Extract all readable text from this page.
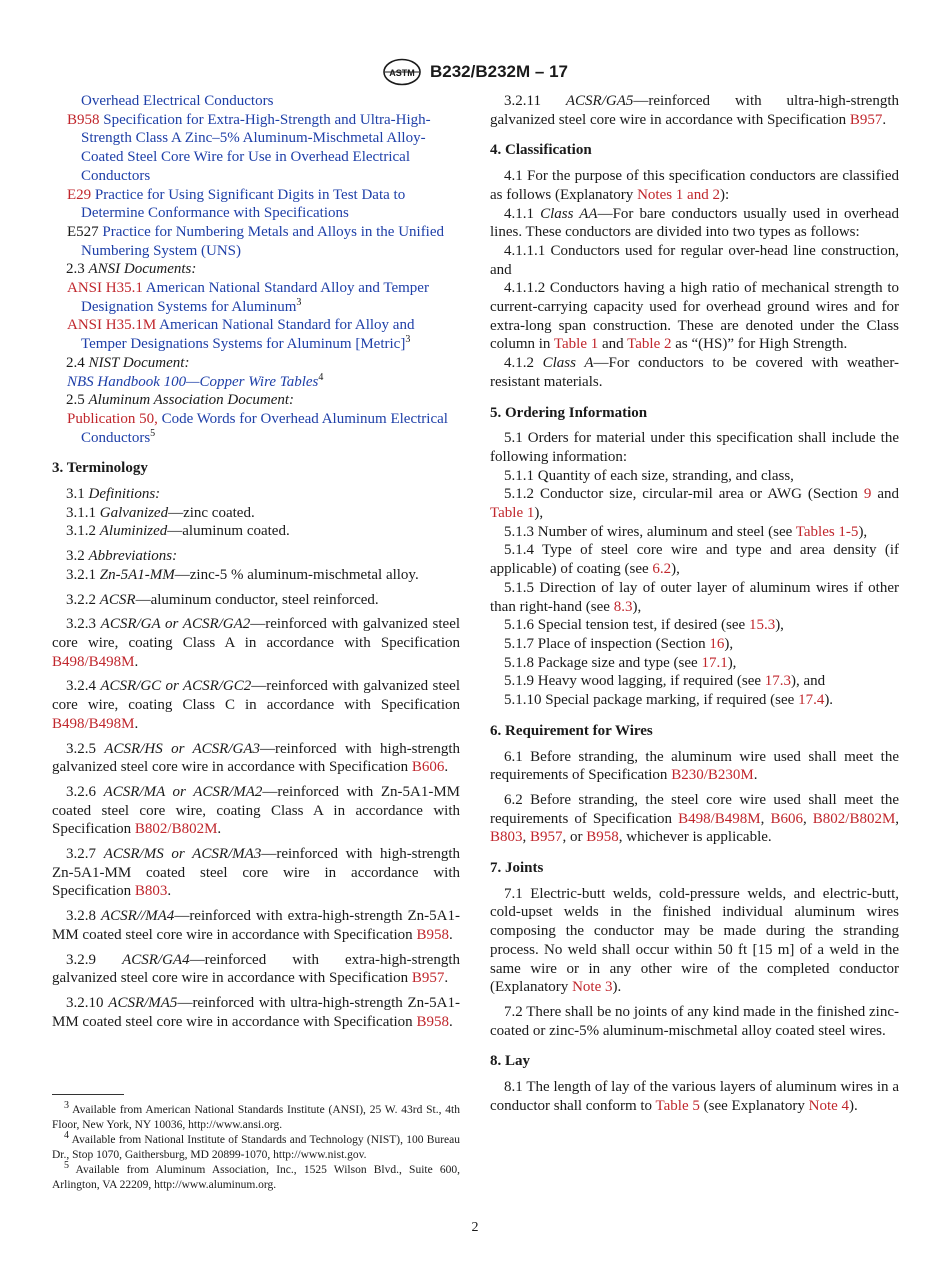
ASTM B232/B232M – 17

Overhead Electrical Conductors

B958 Specification for Extra-High-Strength and Ultra-High-Strength Class A Zinc–5% Aluminum-Mischmetal Alloy-Coated Steel Core Wire for Use in Overhead Electrical Conductors

E29 Practice for Using Significant Digits in Test Data to Determine Conformance with Specifications

E527 Practice for Numbering Metals and Alloys in the Unified Numbering System (UNS)

2.3 ANSI Documents:

ANSI H35.1 American National Standard Alloy and Temper Designation Systems for Aluminum$^3$

ANSI H35.1M American National Standard for Alloy and Temper Designations Systems for Aluminum [Metric]$^3$

2.4 NIST Document:

NBS Handbook 100—Copper Wire Tables$^4$

2.5 Aluminum Association Document:

Publication 50, Code Words for Overhead Aluminum Electrical Conductors$^5$

3. Terminology

3.1 Definitions:

3.1.1 Galvanized—zinc coated.

3.1.2 Aluminized—aluminum coated.

3.2 Abbreviations:

3.2.1 Zn-5A1-MM—zinc-5 % aluminum-mischmetal alloy.

3.2.2 ACSR—aluminum conductor, steel reinforced.

3.2.3 ACSR/GA or ACSR/GA2—reinforced with galvanized steel core wire, coating Class A in accordance with Specification B498/B498M.

3.2.4 ACSR/GC or ACSR/GC2—reinforced with galvanized steel core wire, coating Class C in accordance with Specification B498/B498M.

3.2.5 ACSR/HS or ACSR/GA3—reinforced with high-strength galvanized steel core wire in accordance with Specification B606.

3.2.6 ACSR/MA or ACSR/MA2—reinforced with Zn-5A1-MM coated steel core wire, coating Class A in accordance with Specification B802/B802M.

3.2.7 ACSR/MS or ACSR/MA3—reinforced with high-strength Zn-5A1-MM coated steel core wire in accordance with Specification B803.

3.2.8 ACSR//MA4—reinforced with extra-high-strength Zn-5A1-MM coated steel core wire in accordance with Specification B958.

3.2.9 ACSR/GA4—reinforced with extra-high-strength galvanized steel core wire in accordance with Specification B957.

3.2.10 ACSR/MA5—reinforced with ultra-high-strength Zn-5A1-MM coated steel core wire in accordance with Specification B958.

3 Available from American National Standards Institute (ANSI), 25 W. 43rd St., 4th Floor, New York, NY 10036, http://www.ansi.org.

4 Available from National Institute of Standards and Technology (NIST), 100 Bureau Dr., Stop 1070, Gaithersburg, MD 20899-1070, http://www.nist.gov.

5 Available from Aluminum Association, Inc., 1525 Wilson Blvd., Suite 600, Arlington, VA 22209, http://www.aluminum.org.

3.2.11 ACSR/GA5—reinforced with ultra-high-strength galvanized steel core wire in accordance with Specification B957.

4. Classification

4.1 For the purpose of this specification conductors are classified as follows (Explanatory Notes 1 and 2):

4.1.1 Class AA—For bare conductors usually used in overhead lines. These conductors are divided into two types as follows:

4.1.1.1 Conductors used for regular over-head line construction, and

4.1.1.2 Conductors having a high ratio of mechanical strength to current-carrying capacity used for overhead ground wires and for extra-long span construction. These are denoted under the Class column in Table 1 and Table 2 as “(HS)” for High Strength.

4.1.2 Class A—For conductors to be covered with weather-resistant materials.

5. Ordering Information

5.1 Orders for material under this specification shall include the following information:

5.1.1 Quantity of each size, stranding, and class,

5.1.2 Conductor size, circular-mil area or AWG (Section 9 and Table 1),

5.1.3 Number of wires, aluminum and steel (see Tables 1-5),

5.1.4 Type of steel core wire and type and area density (if applicable) of coating (see 6.2),

5.1.5 Direction of lay of outer layer of aluminum wires if other than right-hand (see 8.3),

5.1.6 Special tension test, if desired (see 15.3),

5.1.7 Place of inspection (Section 16),

5.1.8 Package size and type (see 17.1),

5.1.9 Heavy wood lagging, if required (see 17.3), and

5.1.10 Special package marking, if required (see 17.4).

6. Requirement for Wires

6.1 Before stranding, the aluminum wire used shall meet the requirements of Specification B230/B230M.

6.2 Before stranding, the steel core wire used shall meet the requirements of Specification B498/B498M, B606, B802/B802M, B803, B957, or B958, whichever is applicable.

7. Joints

7.1 Electric-butt welds, cold-pressure welds, and electric-butt, cold-upset welds in the finished individual aluminum wires composing the conductor may be made during the stranding process. No weld shall occur within 50 ft [15 m] of a weld in the same wire or in any other wire of the completed conductor (Explanatory Note 3).

7.2 There shall be no joints of any kind made in the finished zinc-coated or zinc-5% aluminum-mischmetal alloy coated steel wires.

8. Lay

8.1 The length of lay of the various layers of aluminum wires in a conductor shall conform to Table 5 (see Explanatory Note 4).

2
